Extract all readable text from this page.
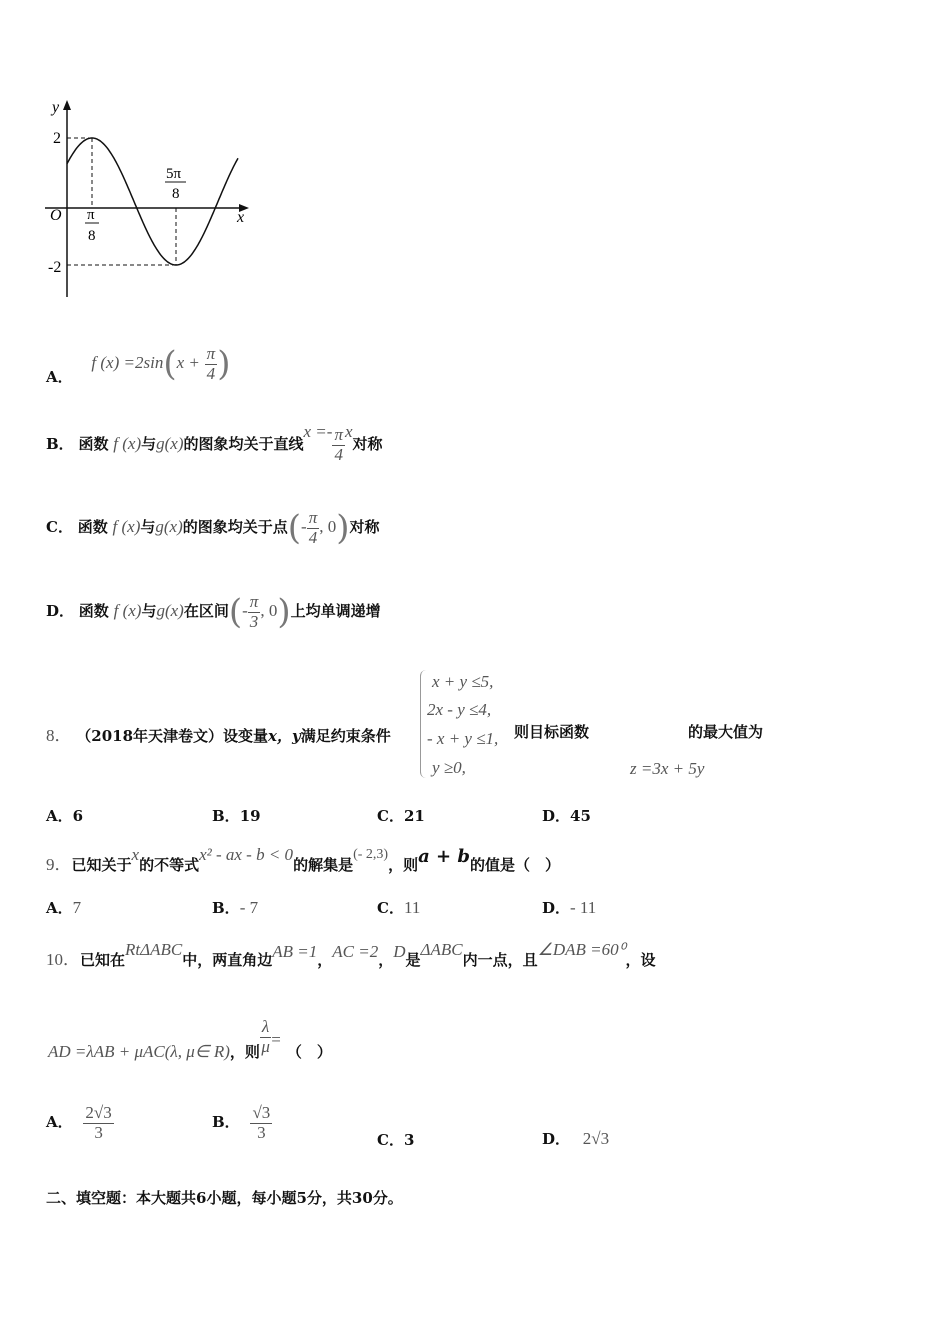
y
x
O
2
-2
π
8
5π
8
A． f $(x) =2\sin(x + \frac{\pi}{4}$ )
B． 函数 f (x)与g(x)的图象均关于直线$x =- \frac{\pi}{4}$ x对称
C． 函数 f (x)与g(x)的图象均关于点(- $\frac{\pi}{4}$ , 0)对称
D． 函数 f (x)与g(x)在区间(- $\frac{\pi}{3}$ , 0)上均单调递增
8． （2018年天津卷文）设变量x，y满足约束条件
x + y ≤5,
2x - y ≤4,
- x + y ≤1,
y ≥0,
则目标函数
z =3x + 5y
的最大值为
A．6	B．19	C．21	D．45
9．已知关于x的不等式x² - ax - b < 0的解集是(- 2,3)，则a + b的值是（　）
A．7	B．- 7	C．11	D．- 11
10．已知在RtΔABC中，两直角边AB =1，AC =2，D是ΔABC内一点，且∠DAB =60⁰，设
AD =λAB + μAC(λ, μ∈ R)，则 $\frac{\lambda}{\mu}$ =（　）
A． $\frac{2√3}{3}$	B． $\frac{√3}{3}$	C．3	D． 2√3
二、填空题：本大题共6小题，每小题5分，共30分。
